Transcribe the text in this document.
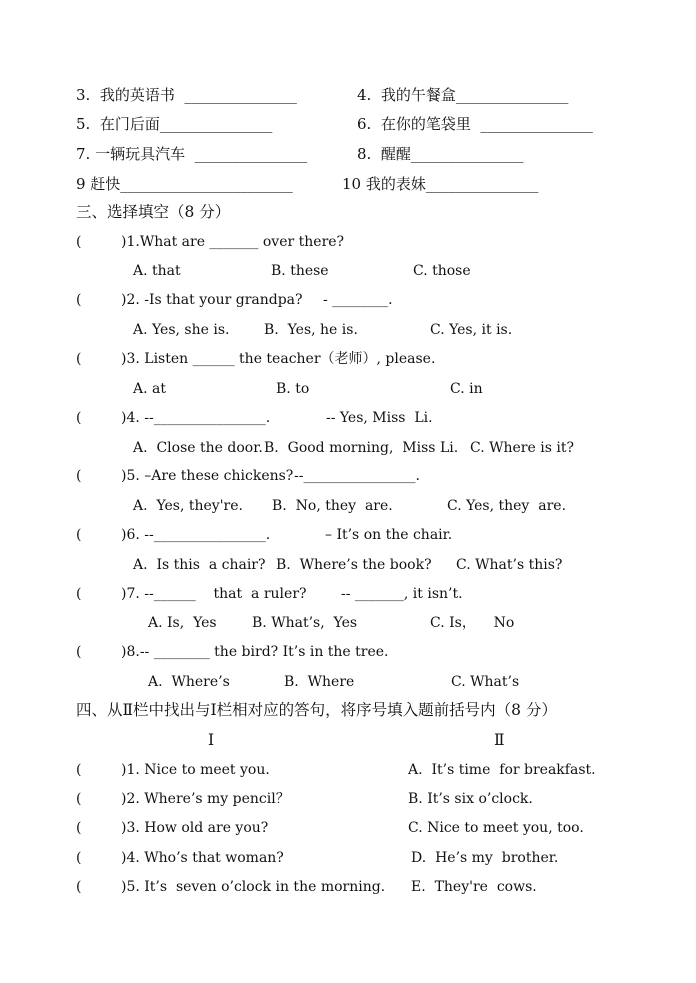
3.  我的英语书  _______________	4.  我的午餐盒_______________
5.  在门后面_______________	6.  在你的笔袋里  _______________
7. 一辆玩具汽车  _______________	8.  醒醒_______________
9 赶快_______________________	10 我的表妹_______________
三、选择填空（8 分）
(	)1.What are _______ over there?
A. that	B. these	C. those
(	)2. -Is that your grandpa? - ________.
A. Yes, she is. B.  Yes, he is.	C. Yes, it is.
(	)3. Listen ______ the teacher（老师）, please.
A. at	B. to	C. in
(	)4. --________________.	-- Yes, Miss  Li.
A.  Close the door. B.  Good morning,  Miss Li. C. Where is it?
(	)5. –Are these chickens? --________________.
A.  Yes, they're. B.  No, they  are.	C. Yes, they  are.
(	)6. --________________.	– It’s on the chair.
A.  Is this  a chair? B.  Where’s the book? C. What’s this?
(	)7. --______    that  a ruler? -- _______, it isn’t.
A. Is,  Yes	B. What’s,  Yes	C. Is，    No
(	)8.-- ________ the bird? It’s in the tree.
A.  Where’s	B.  Where	C. What’s
四、从Ⅱ栏中找出与Ⅰ栏相对应的答句，将序号填入题前括号内（8 分）
Ⅰ	Ⅱ
(	)1. Nice to meet you.	A.  It’s time  for breakfast.
(	)2. Where’s my pencil？	B. It’s six o’clock.
(	)3. How old are you?	C. Nice to meet you, too.
(	)4. Who’s that woman?	D.  He’s my  brother.
(	)5. It’s  seven o’clock in the morning. E.  They're  cows.
